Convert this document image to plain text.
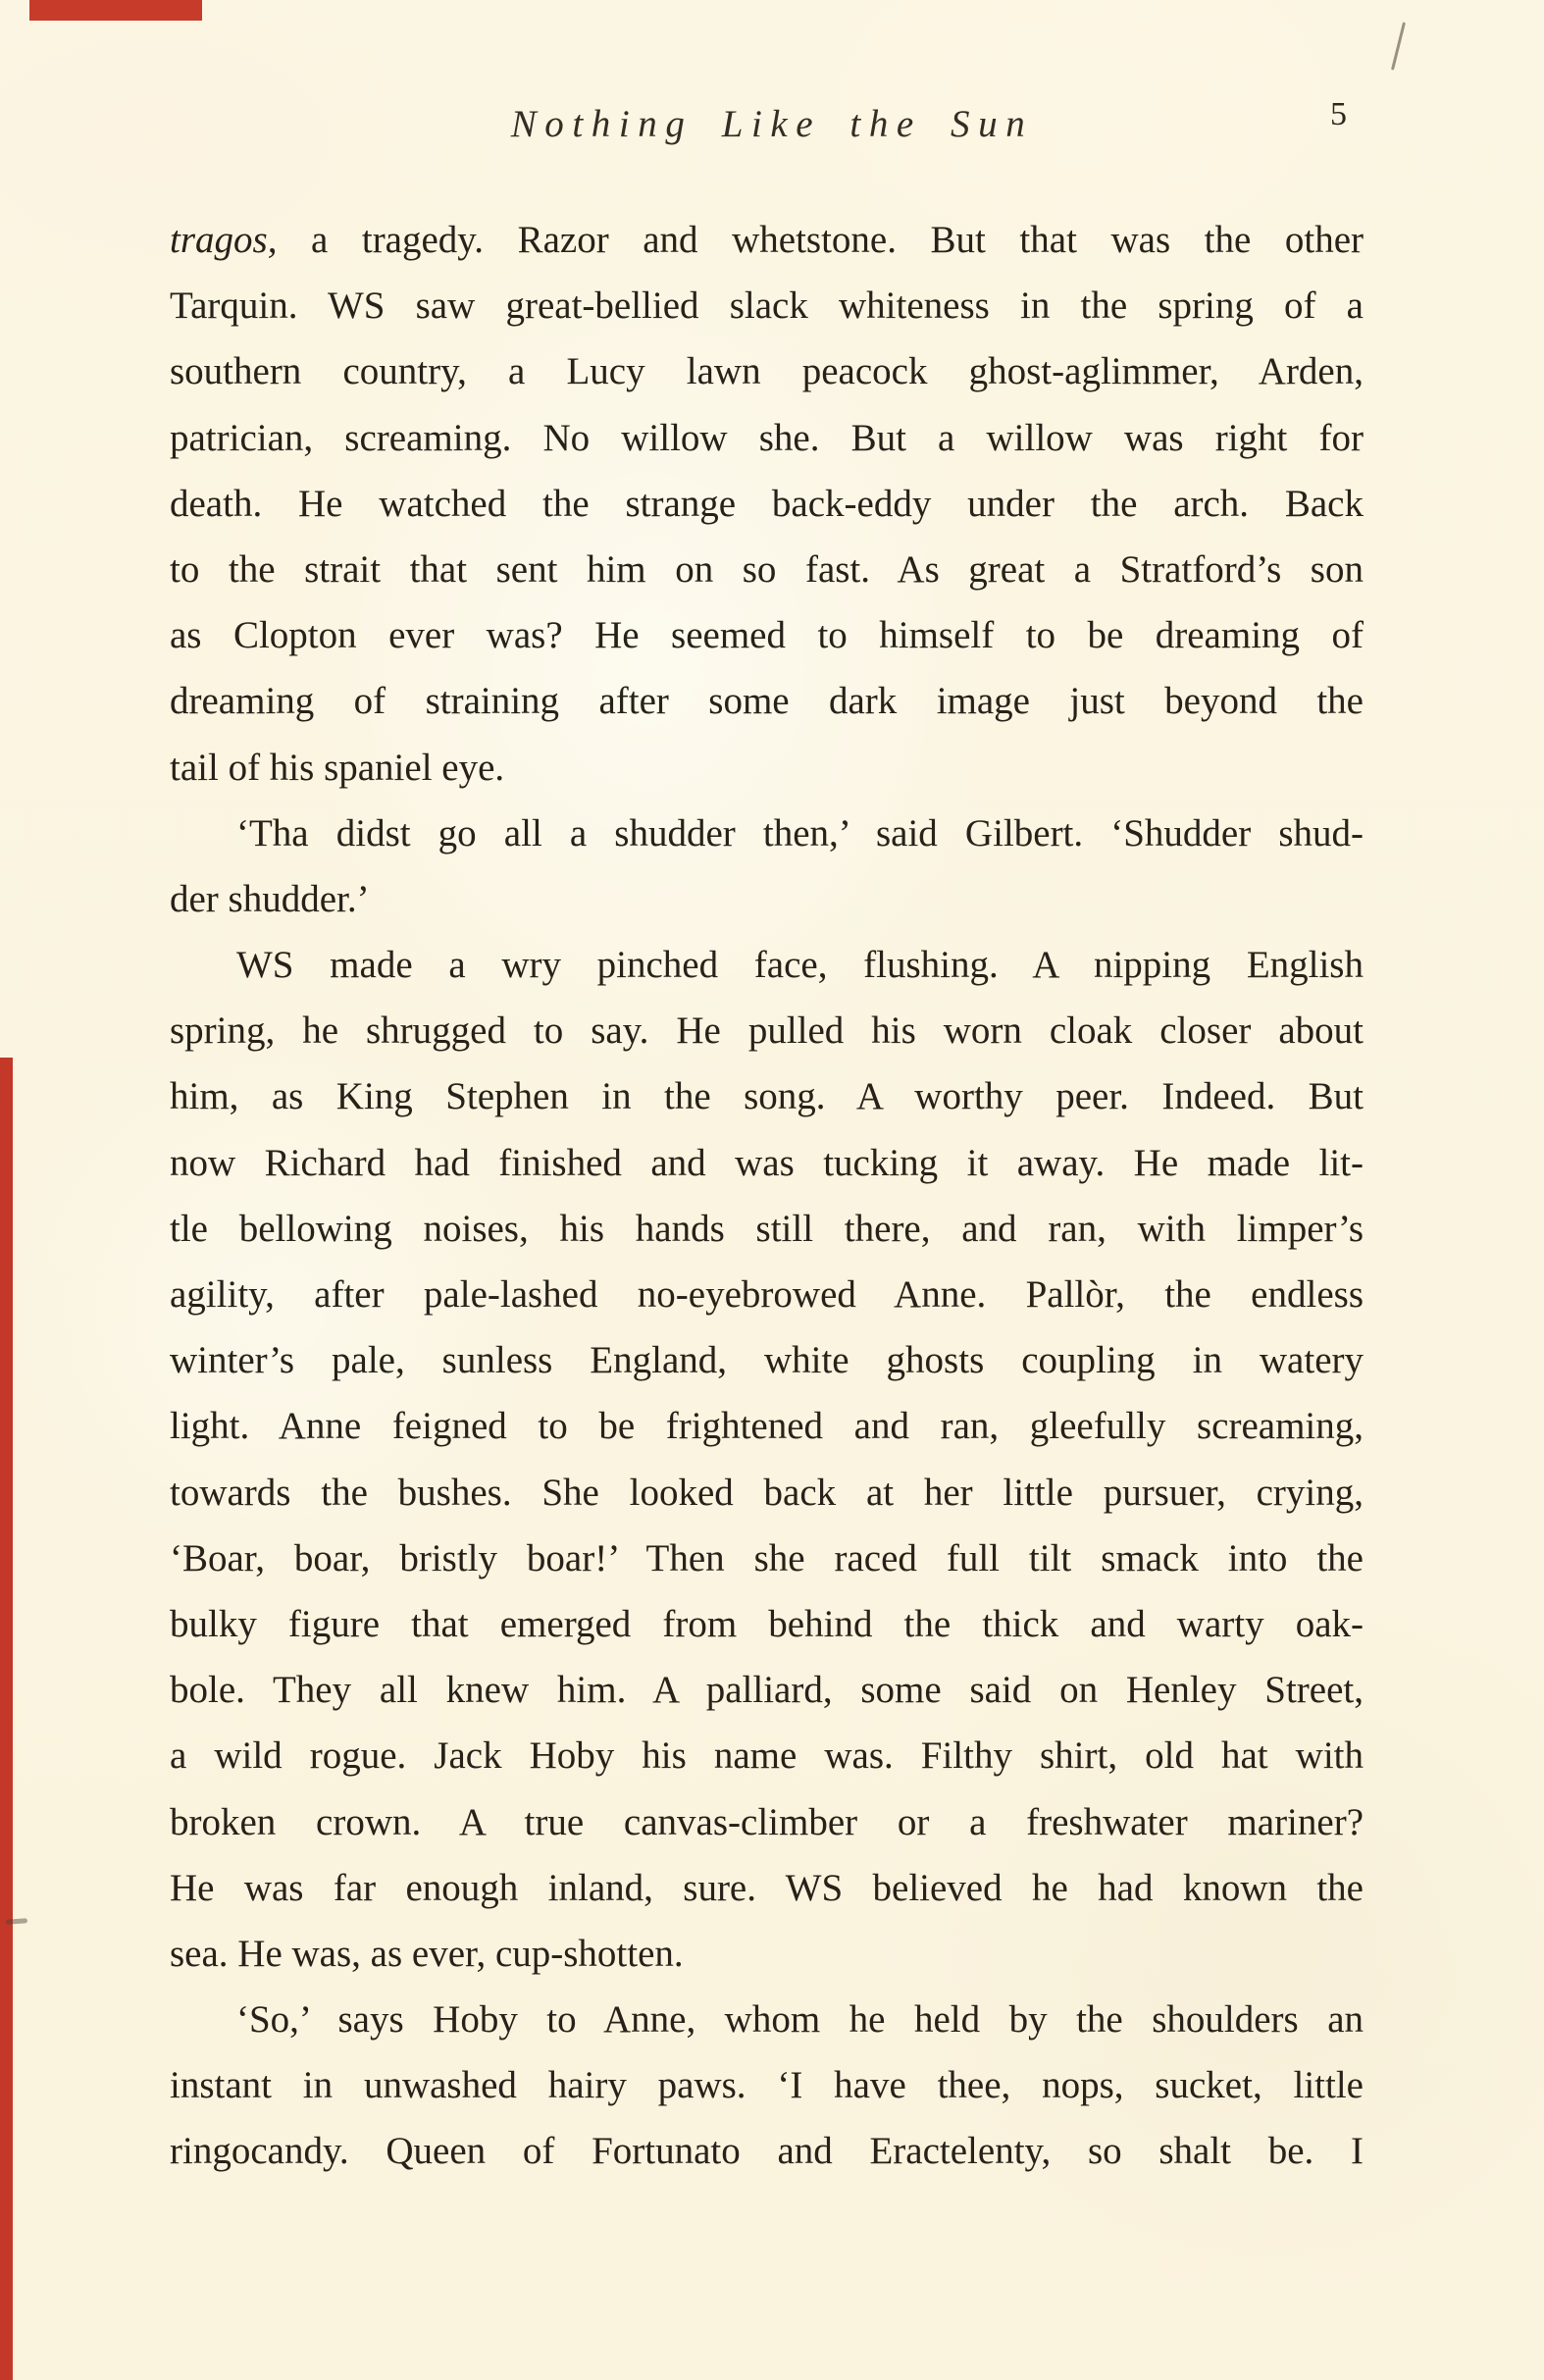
Nothing Like the Sun	5
tragos, a tragedy. Razor and whetstone. But that was the other
Tarquin. WS saw great-bellied slack whiteness in the spring of a
southern country, a Lucy lawn peacock ghost-aglimmer, Arden,
patrician, screaming. No willow she. But a willow was right for
death. He watched the strange back-eddy under the arch. Back
to the strait that sent him on so fast. As great a Stratford’s son
as Clopton ever was? He seemed to himself to be dreaming of
dreaming of straining after some dark image just beyond the
tail of his spaniel eye.
‘Tha didst go all a shudder then,’ said Gilbert. ‘Shudder shud-
der shudder.’
WS made a wry pinched face, flushing. A nipping English
spring, he shrugged to say. He pulled his worn cloak closer about
him, as King Stephen in the song. A worthy peer. Indeed. But
now Richard had finished and was tucking it away. He made lit-
tle bellowing noises, his hands still there, and ran, with limper’s
agility, after pale-lashed no-eyebrowed Anne. Pallòr, the endless
winter’s pale, sunless England, white ghosts coupling in watery
light. Anne feigned to be frightened and ran, gleefully screaming,
towards the bushes. She looked back at her little pursuer, crying,
‘Boar, boar, bristly boar!’ Then she raced full tilt smack into the
bulky figure that emerged from behind the thick and warty oak-
bole. They all knew him. A palliard, some said on Henley Street,
a wild rogue. Jack Hoby his name was. Filthy shirt, old hat with
broken crown. A true canvas-climber or a freshwater mariner?
He was far enough inland, sure. WS believed he had known the
sea. He was, as ever, cup-shotten.
‘So,’ says Hoby to Anne, whom he held by the shoulders an
instant in unwashed hairy paws. ‘I have thee, nops, sucket, little
ringocandy. Queen of Fortunato and Eractelenty, so shalt be. I
